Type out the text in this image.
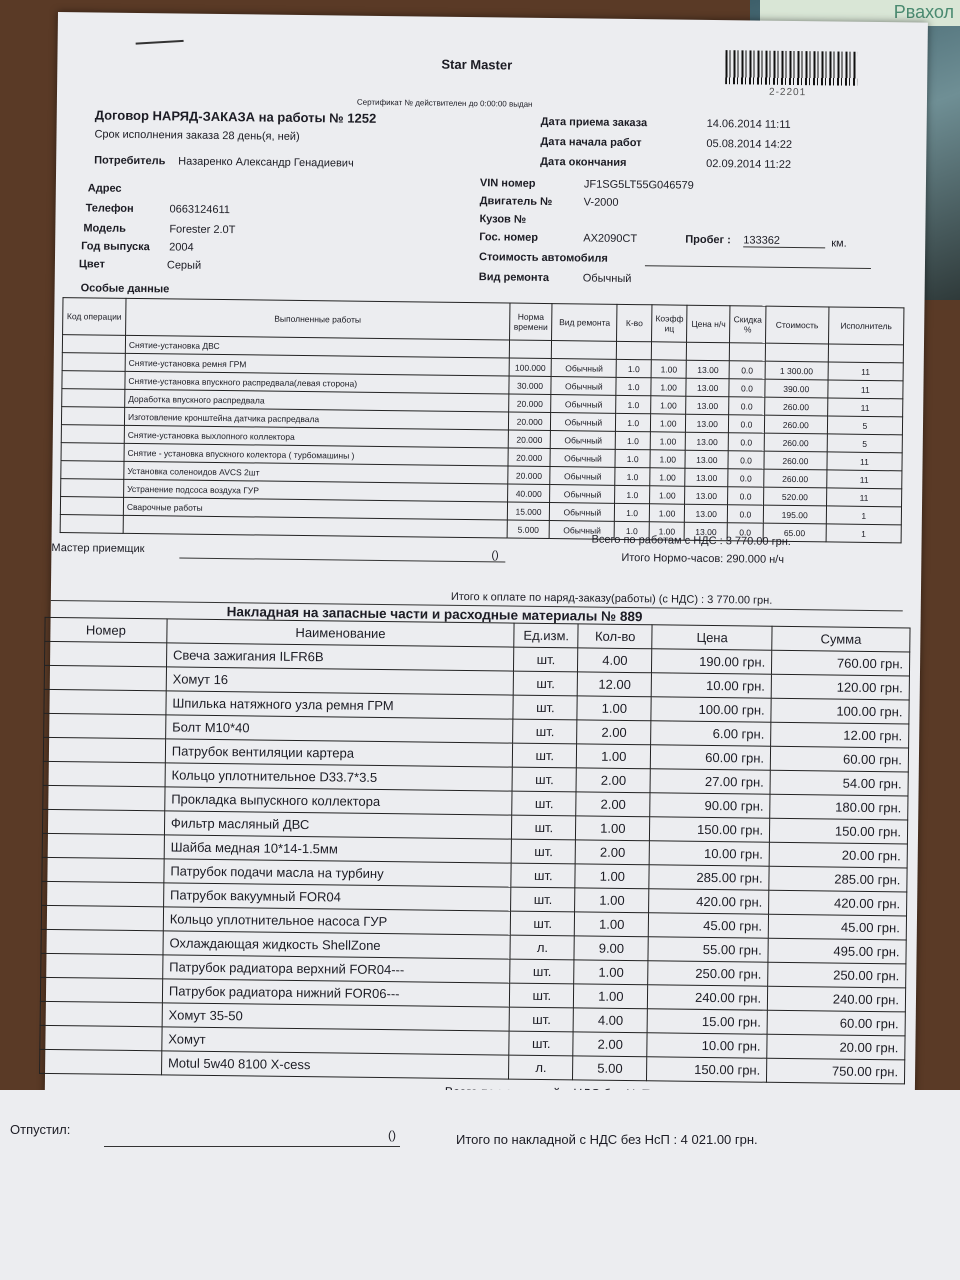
Рвахол
Star Master
2-2201
Сертификат № действителен до 0:00:00 выдан
Договор НАРЯД-ЗАКАЗА на работы № 1252
Срок исполнения заказа 28 день(я, ней)
Потребитель Назаренко Александр Генадиевич
Адрес
Телефон	0663124611
Модель	Forester 2.0T
Год выпуска 2004
Цвет	Серый
Особые данные
Дата приема заказа	14.06.2014 11:11
Дата начала работ	05.08.2014 14:22
Дата окончания	02.09.2014 11:22
VIN номер	JF1SG5LT55G046579
Двигатель №	V-2000
Кузов №
Гос. номер	AX2090CT	Пробег : 133362	км.
Стоимость автомобиля
Вид ремонта	Обычный
Код операции	Выполненные работы	Норма времени	Вид ремонта	К-во	Коэфф иц	Цена н/ч	Скидка %	Стоимость	Исполнитель
	Снятие-установка ДВС								
	Снятие-установка ремня ГРМ	100.000	Обычный	1.0	1.00	13.00	0.0	1 300.00	11
	Снятие-установка впускного распредвала(левая сторона)	30.000	Обычный	1.0	1.00	13.00	0.0	390.00	11
	Доработка впускного распредвала	20.000	Обычный	1.0	1.00	13.00	0.0	260.00	11
	Изготовление кронштейна датчика распредвала	20.000	Обычный	1.0	1.00	13.00	0.0	260.00	5
	Снятие-установка выхлопного коллектора	20.000	Обычный	1.0	1.00	13.00	0.0	260.00	5
	Снятие - установка впускного колектора ( турбомашины )	20.000	Обычный	1.0	1.00	13.00	0.0	260.00	11
	Установка соленоидов AVCS 2шт	20.000	Обычный	1.0	1.00	13.00	0.0	260.00	11
	Устранение подсоса воздуха ГУР	40.000	Обычный	1.0	1.00	13.00	0.0	520.00	11
	Сварочные работы	15.000	Обычный	1.0	1.00	13.00	0.0	195.00	1
		5.000	Обычный	1.0	1.00	13.00	0.0	65.00	1
Всего по работам с НДС : 3 770.00 грн.
Итого Нормо-часов: 290.000 н/ч
Мастер приемщик
()
Итого к оплате по наряд-заказу(работы) (с НДС) : 3 770.00 грн.
Накладная на запасные части и расходные материалы № 889
Номер	Наименование	Ед.изм.	Кол-во	Цена	Сумма
	Свеча зажигания ILFR6B	шт.	4.00	190.00 грн.	760.00 грн.
	Хомут 16	шт.	12.00	10.00 грн.	120.00 грн.
	Шпилька натяжного узла ремня ГРМ	шт.	1.00	100.00 грн.	100.00 грн.
	Болт M10*40	шт.	2.00	6.00 грн.	12.00 грн.
	Патрубок вентиляции картера	шт.	1.00	60.00 грн.	60.00 грн.
	Кольцо уплотнительное D33.7*3.5	шт.	2.00	27.00 грн.	54.00 грн.
	Прокладка выпускного коллектора	шт.	2.00	90.00 грн.	180.00 грн.
	Фильтр масляный ДВС	шт.	1.00	150.00 грн.	150.00 грн.
	Шайба медная 10*14-1.5мм	шт.	2.00	10.00 грн.	20.00 грн.
	Патрубок подачи масла на турбину	шт.	1.00	285.00 грн.	285.00 грн.
	Патрубок вакуумный FOR04	шт.	1.00	420.00 грн.	420.00 грн.
	Кольцо уплотнительное насоса ГУР	шт.	1.00	45.00 грн.	45.00 грн.
	Охлаждающая жидкость ShellZone	л.	9.00	55.00 грн.	495.00 грн.
	Патрубок радиатора верхний FOR04---	шт.	1.00	250.00 грн.	250.00 грн.
	Патрубок радиатора нижний FOR06---	шт.	1.00	240.00 грн.	240.00 грн.
	Хомут 35-50	шт.	4.00	15.00 грн.	60.00 грн.
	Хомут	шт.	2.00	10.00 грн.	20.00 грн.
	Motul 5w40 8100 X-cess	л.	5.00	150.00 грн.	750.00 грн.
Отпустил:	()	Итого по накладной с НДС без НсП : 4 021.00 грн.
